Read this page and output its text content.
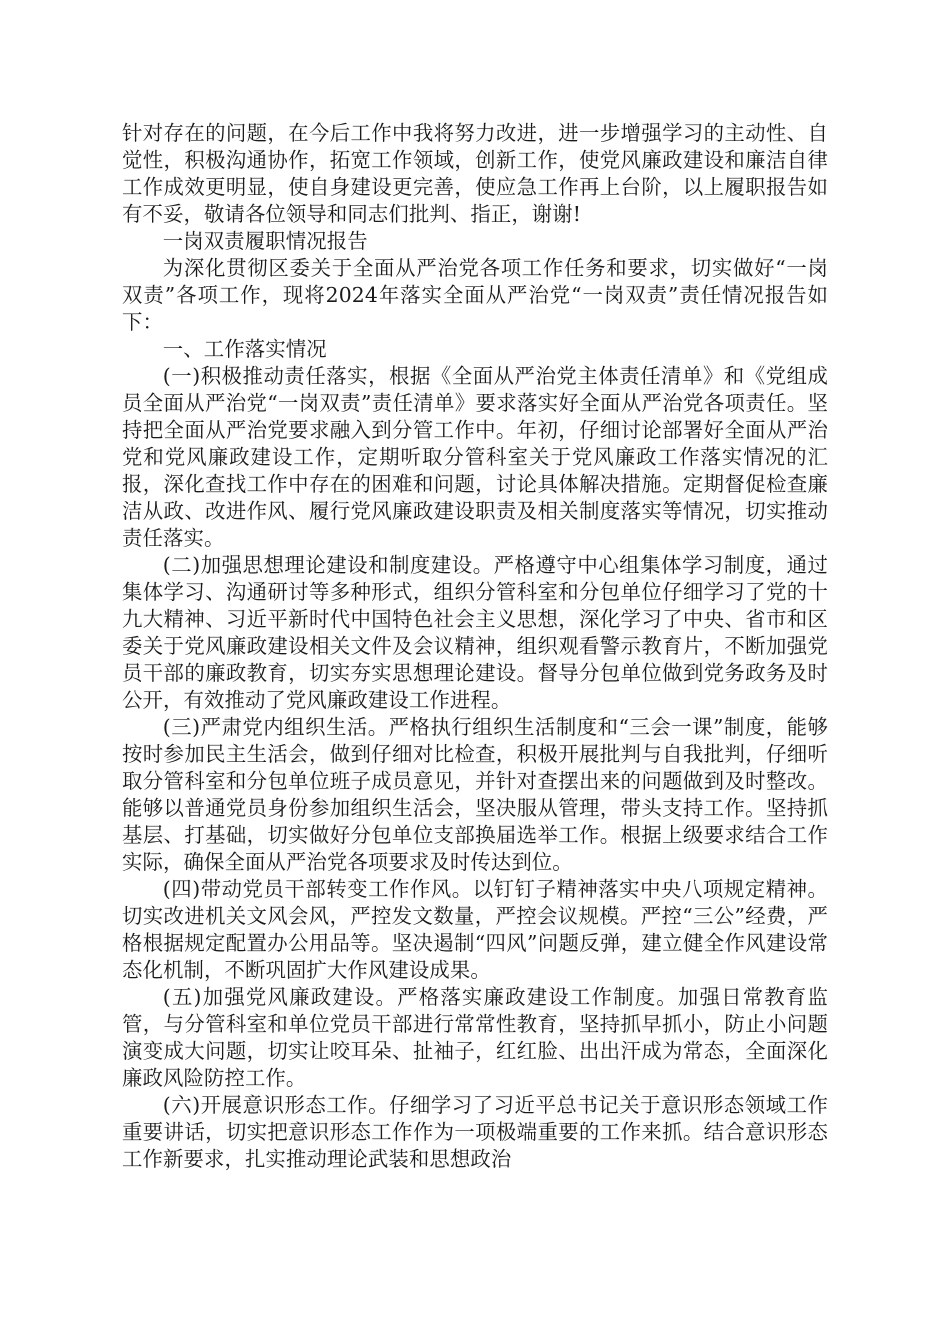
针对存在的问题，在今后工作中我将努力改进，进一步增强学习的主动性、自觉性，积极沟通协作，拓宽工作领域，创新工作，使党风廉政建设和廉洁自律工作成效更明显，使自身建设更完善，使应急工作再上台阶，以上履职报告如有不妥，敬请各位领导和同志们批判、指正，谢谢!

一岗双责履职情况报告

为深化贯彻区委关于全面从严治党各项工作任务和要求，切实做好“一岗双责”各项工作，现将2024年落实全面从严治党“一岗双责”责任情况报告如下：

一、工作落实情况

(一)积极推动责任落实，根据《全面从严治党主体责任清单》和《党组成员全面从严治党“一岗双责”责任清单》要求落实好全面从严治党各项责任。坚持把全面从严治党要求融入到分管工作中。年初，仔细讨论部署好全面从严治党和党风廉政建设工作，定期听取分管科室关于党风廉政工作落实情况的汇报，深化查找工作中存在的困难和问题，讨论具体解决措施。定期督促检查廉洁从政、改进作风、履行党风廉政建设职责及相关制度落实等情况，切实推动责任落实。

(二)加强思想理论建设和制度建设。严格遵守中心组集体学习制度，通过集体学习、沟通研讨等多种形式，组织分管科室和分包单位仔细学习了党的十九大精神、习近平新时代中国特色社会主义思想，深化学习了中央、省市和区委关于党风廉政建设相关文件及会议精神，组织观看警示教育片，不断加强党员干部的廉政教育，切实夯实思想理论建设。督导分包单位做到党务政务及时公开，有效推动了党风廉政建设工作进程。

(三)严肃党内组织生活。严格执行组织生活制度和“三会一课”制度，能够按时参加民主生活会，做到仔细对比检查，积极开展批判与自我批判，仔细听取分管科室和分包单位班子成员意见，并针对查摆出来的问题做到及时整改。能够以普通党员身份参加组织生活会，坚决服从管理，带头支持工作。坚持抓基层、打基础，切实做好分包单位支部换届选举工作。根据上级要求结合工作实际，确保全面从严治党各项要求及时传达到位。

(四)带动党员干部转变工作作风。以钉钉子精神落实中央八项规定精神。切实改进机关文风会风，严控发文数量，严控会议规模。严控“三公”经费，严格根据规定配置办公用品等。坚决遏制“四风”问题反弹，建立健全作风建设常态化机制，不断巩固扩大作风建设成果。

(五)加强党风廉政建设。严格落实廉政建设工作制度。加强日常教育监管，与分管科室和单位党员干部进行常常性教育，坚持抓早抓小，防止小问题演变成大问题，切实让咬耳朵、扯袖子，红红脸、出出汗成为常态，全面深化廉政风险防控工作。

(六)开展意识形态工作。仔细学习了习近平总书记关于意识形态领域工作重要讲话，切实把意识形态工作作为一项极端重要的工作来抓。结合意识形态工作新要求，扎实推动理论武装和思想政治
